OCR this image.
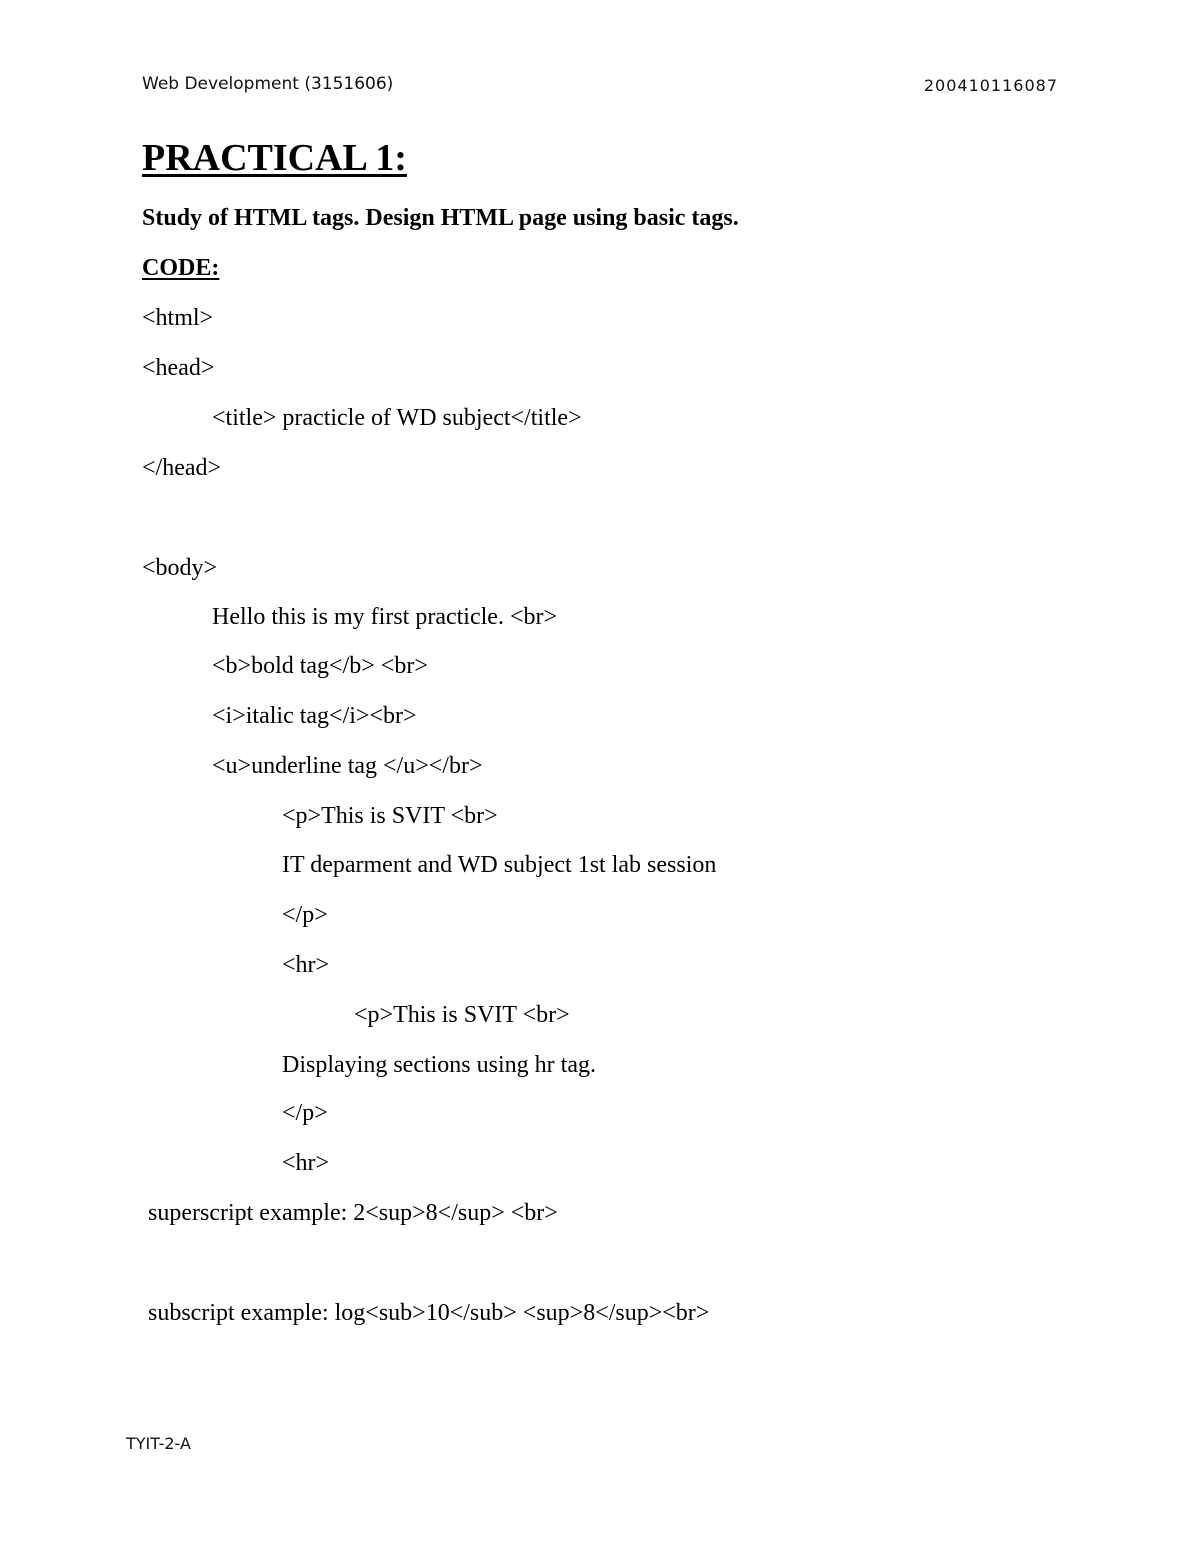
Web Development (3151606)	200410116087
PRACTICAL 1:
Study of HTML tags. Design HTML page using basic tags.
CODE:
<html>
<head>
<title> practicle of WD subject</title>
</head>
<body>
Hello this is my first practicle. <br>
<b>bold tag</b> <br>
<i>italic tag</i><br>
<u>underline tag </u></br>
<p>This is SVIT <br>
IT deparment and WD subject 1st lab session
</p>
<hr>
<p>This is SVIT <br>
Displaying sections using hr tag.
</p>
<hr>
superscript example: 2<sup>8</sup> <br>
subscript example: log<sub>10</sub> <sup>8</sup><br>
TYIT-2-A
